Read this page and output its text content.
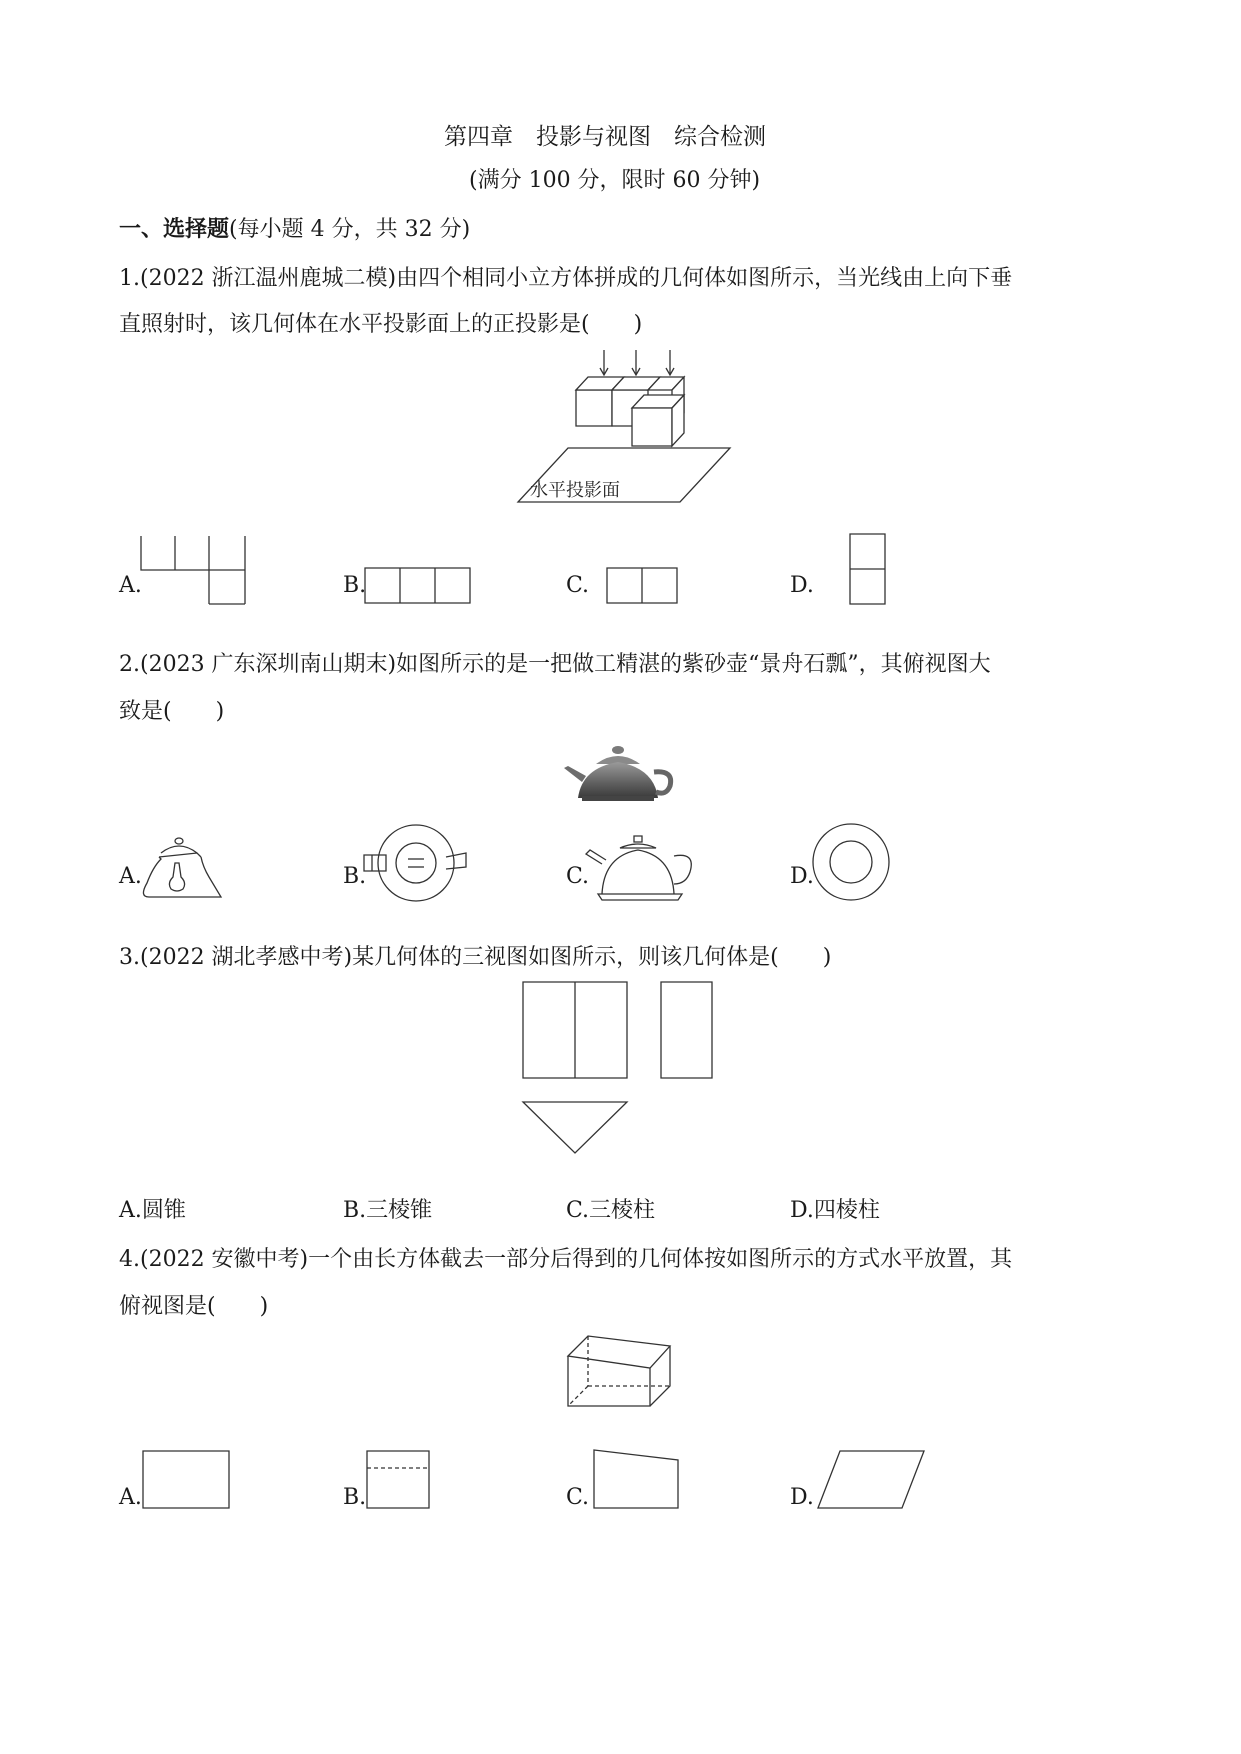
第四章　投影与视图　综合检测
(满分 100 分，限时 60 分钟)
一、选择题(每小题 4 分，共 32 分)
1.(2022 浙江温州鹿城二模)由四个相同小立方体拼成的几何体如图所示，当光线由上向下垂
直照射时，该几何体在水平投影面上的正投影是(　　)
水平投影面
A.	B.	C.	D.
2.(2023 广东深圳南山期末)如图所示的是一把做工精湛的紫砂壶“景舟石瓢”，其俯视图大
致是(　　)
A.	B.	C.	D.
3.(2022 湖北孝感中考)某几何体的三视图如图所示，则该几何体是(　　)
A.圆锥	B.三棱锥	C.三棱柱	D.四棱柱
4.(2022 安徽中考)一个由长方体截去一部分后得到的几何体按如图所示的方式水平放置，其
俯视图是(　　)
A.	B.	C.	D.
